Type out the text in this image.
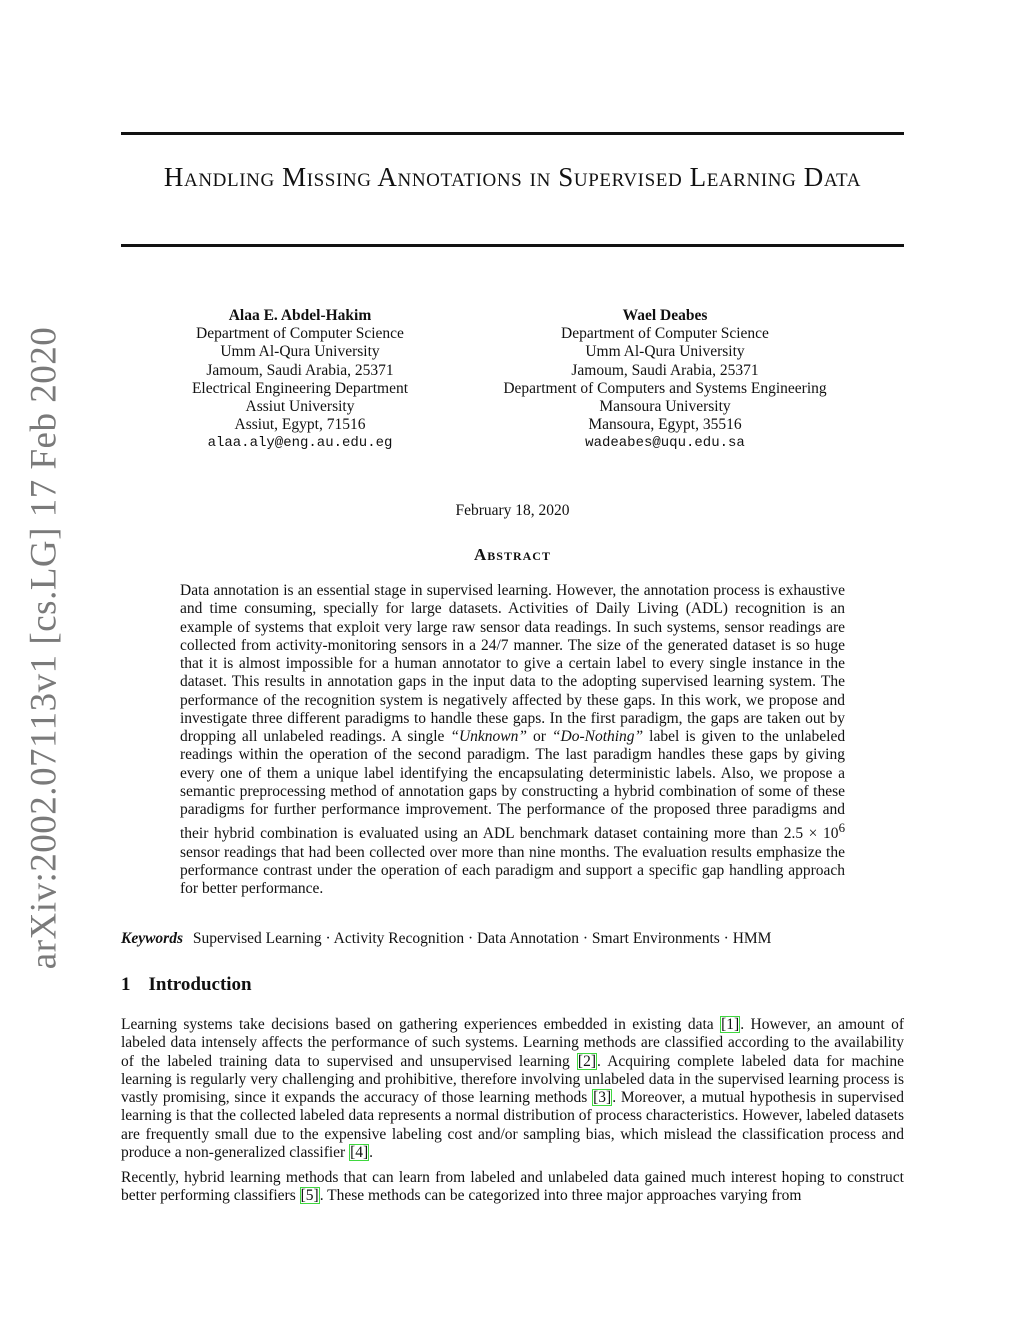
arXiv:2002.07113v1 [cs.LG] 17 Feb 2020
Handling Missing Annotations in Supervised Learning Data
Alaa E. Abdel-Hakim
Department of Computer Science
Umm Al-Qura University
Jamoum, Saudi Arabia, 25371
Electrical Engineering Department
Assiut University
Assiut, Egypt, 71516
alaa.aly@eng.au.edu.eg
Wael Deabes
Department of Computer Science
Umm Al-Qura University
Jamoum, Saudi Arabia, 25371
Department of Computers and Systems Engineering
Mansoura University
Mansoura, Egypt, 35516
wadeabes@uqu.edu.sa
February 18, 2020
Abstract

Data annotation is an essential stage in supervised learning. However, the annotation process is exhaustive and time consuming, specially for large datasets. Activities of Daily Living (ADL) recognition is an example of systems that exploit very large raw sensor data readings. In such systems, sensor readings are collected from activity-monitoring sensors in a 24/7 manner. The size of the generated dataset is so huge that it is almost impossible for a human annotator to give a certain label to every single instance in the dataset. This results in annotation gaps in the input data to the adopting supervised learning system. The performance of the recognition system is negatively affected by these gaps. In this work, we propose and investigate three different paradigms to handle these gaps. In the first paradigm, the gaps are taken out by dropping all unlabeled readings. A single “Unknown” or “Do-Nothing” label is given to the unlabeled readings within the operation of the second paradigm. The last paradigm handles these gaps by giving every one of them a unique label identifying the encapsulating deterministic labels. Also, we propose a semantic preprocessing method of annotation gaps by constructing a hybrid combination of some of these paradigms for further performance improvement. The performance of the proposed three paradigms and their hybrid combination is evaluated using an ADL benchmark dataset containing more than $2.5 \times 10^6$ sensor readings that had been collected over more than nine months. The evaluation results emphasize the performance contrast under the operation of each paradigm and support a specific gap handling approach for better performance.

Keywords Supervised Learning · Activity Recognition · Data Annotation · Smart Environments · HMM
1 Introduction

Learning systems take decisions based on gathering experiences embedded in existing data [1]. However, an amount of labeled data intensely affects the performance of such systems. Learning methods are classified according to the availability of the labeled training data to supervised and unsupervised learning [2]. Acquiring complete labeled data for machine learning is regularly very challenging and prohibitive, therefore involving unlabeled data in the supervised learning process is vastly promising, since it expands the accuracy of those learning methods [3]. Moreover, a mutual hypothesis in supervised learning is that the collected labeled data represents a normal distribution of process characteristics. However, labeled datasets are frequently small due to the expensive labeling cost and/or sampling bias, which mislead the classification process and produce a non-generalized classifier [4].

Recently, hybrid learning methods that can learn from labeled and unlabeled data gained much interest hoping to construct better performing classifiers [5]. These methods can be categorized into three major approaches varying from
